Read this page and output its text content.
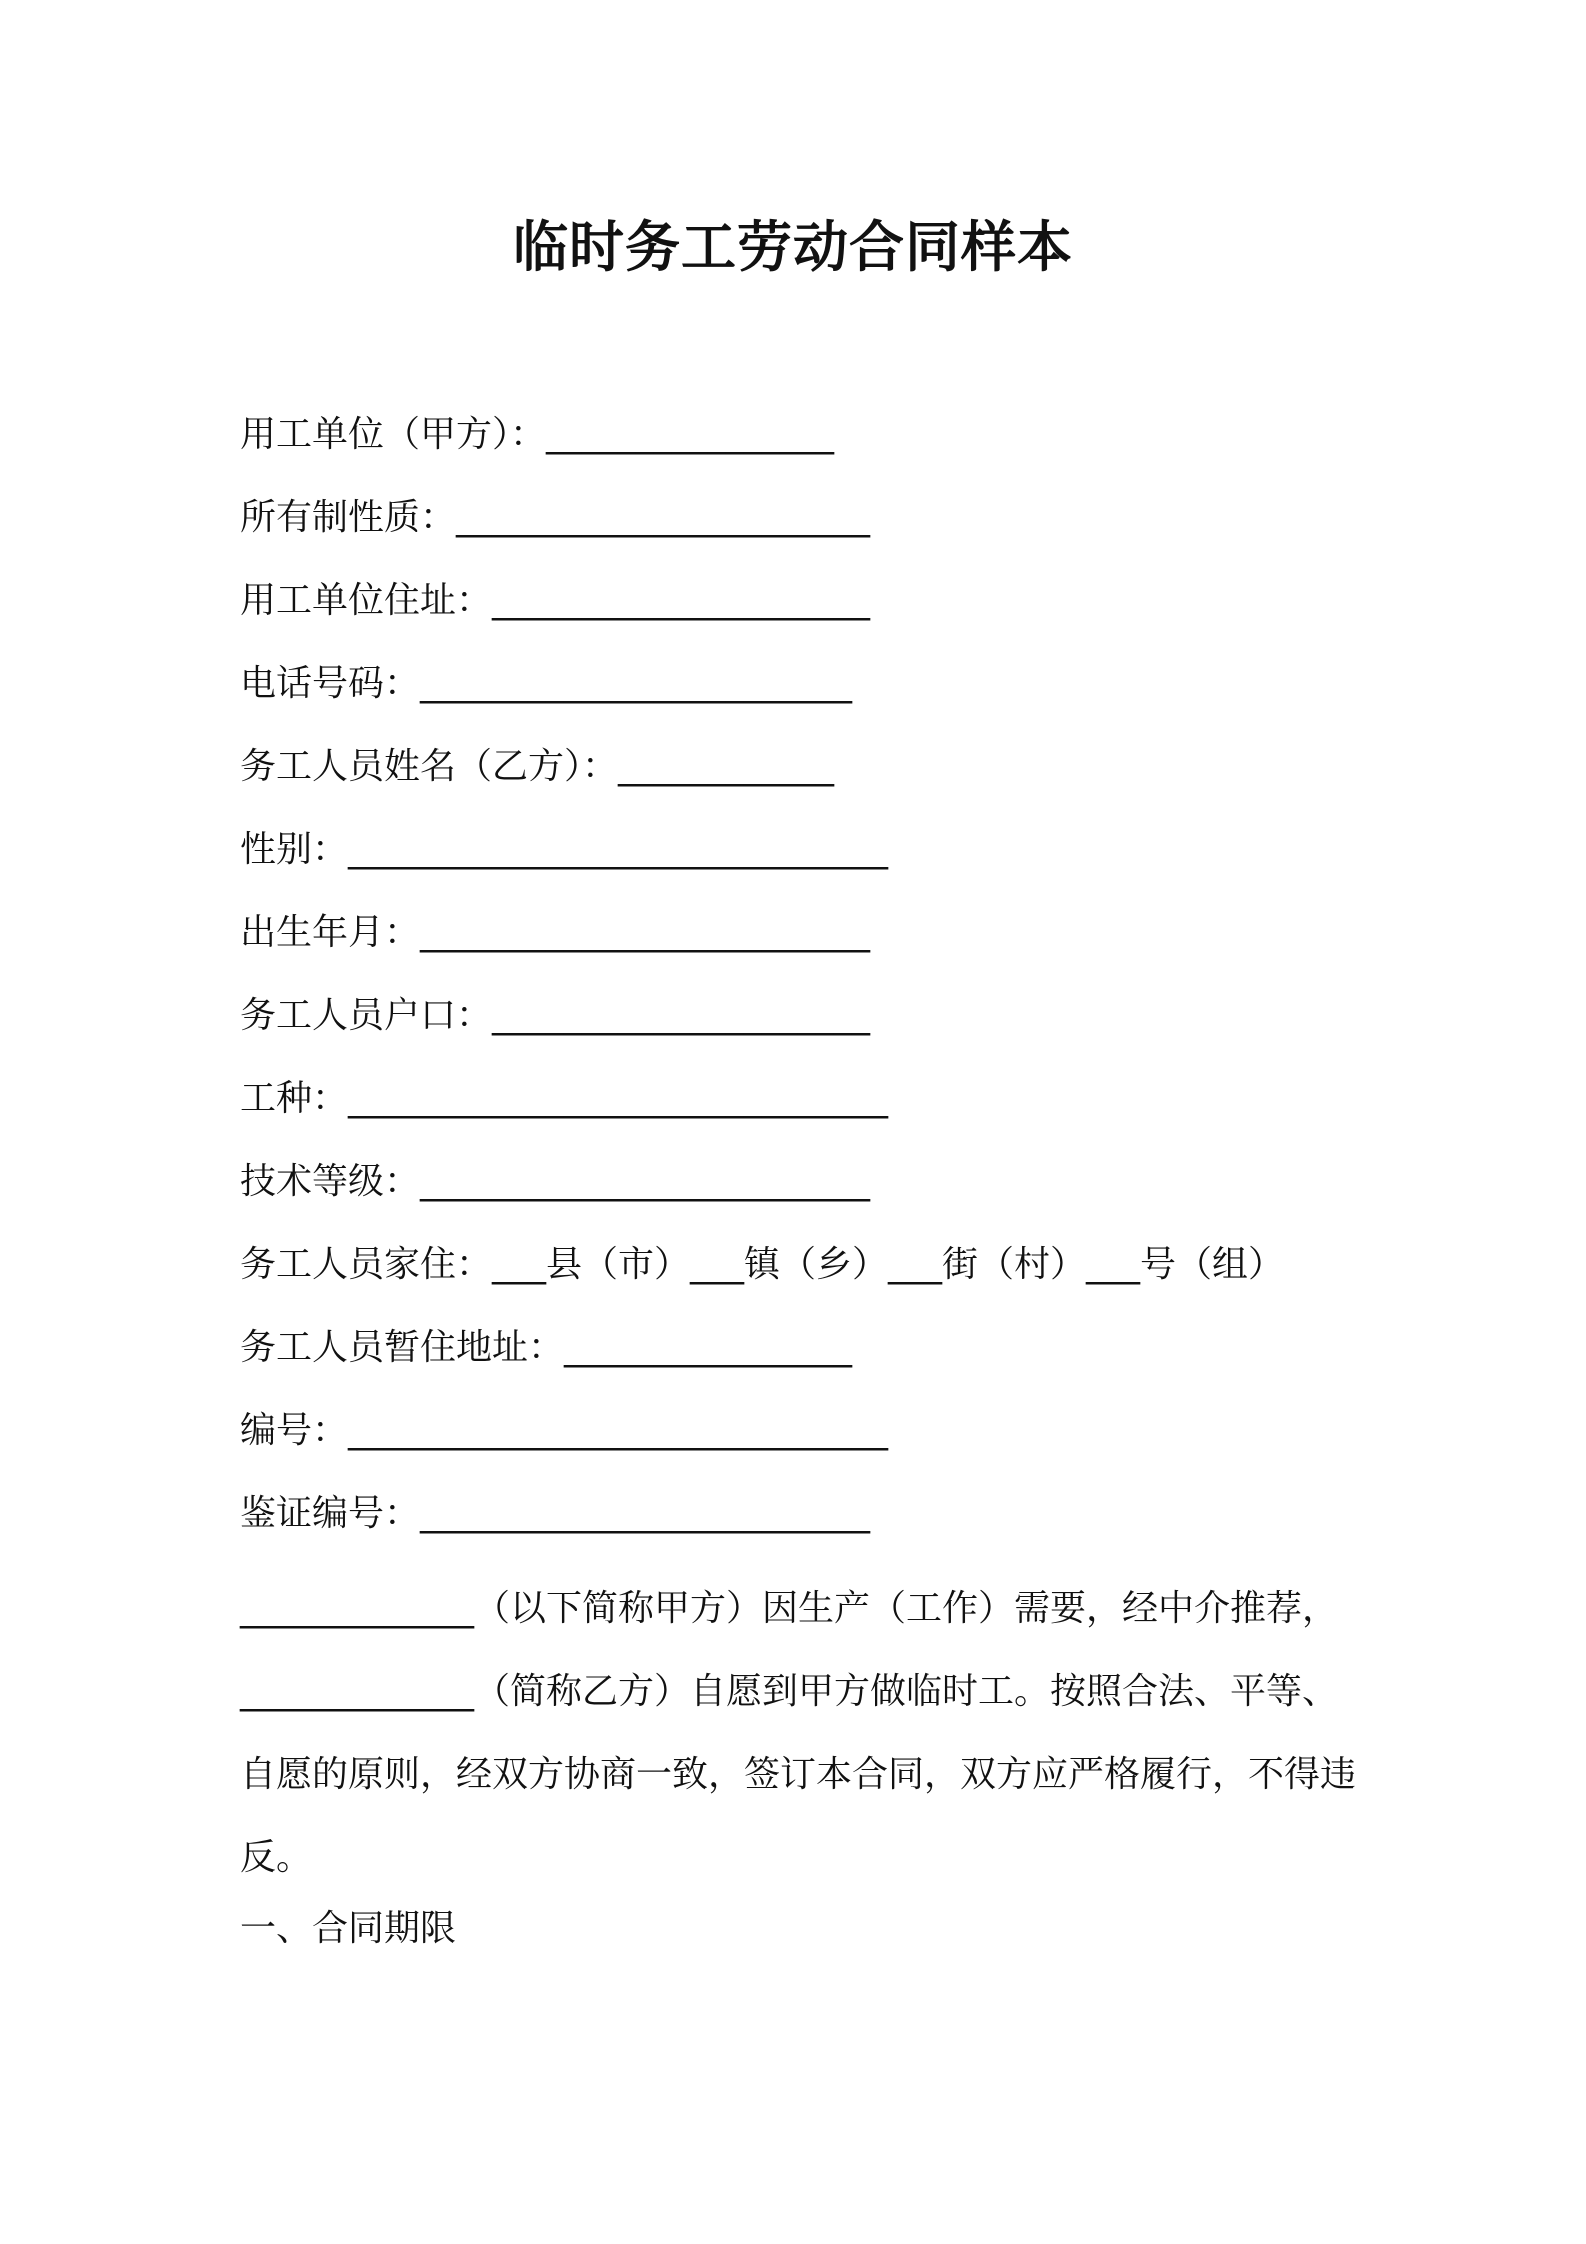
临时务工劳动合同样本
用工单位（甲方）：________________
所有制性质：_______________________
用工单位住址：_____________________
电话号码：________________________
务工人员姓名（乙方）：____________
性别：______________________________
出生年月：_________________________
务工人员户口：_____________________
工种：______________________________
技术等级：_________________________
务工人员家住：___县（市）___镇（乡）___街（村）___号（组）
务工人员暂住地址：________________
编号：______________________________
鉴证编号：_________________________

_____________（以下简称甲方）因生产（工作）需要，经中介推荐，_____________（简称乙方）自愿到甲方做临时工。按照合法、平等、自愿的原则，经双方协商一致，签订本合同，双方应严格履行，不得违反。

一、合同期限
